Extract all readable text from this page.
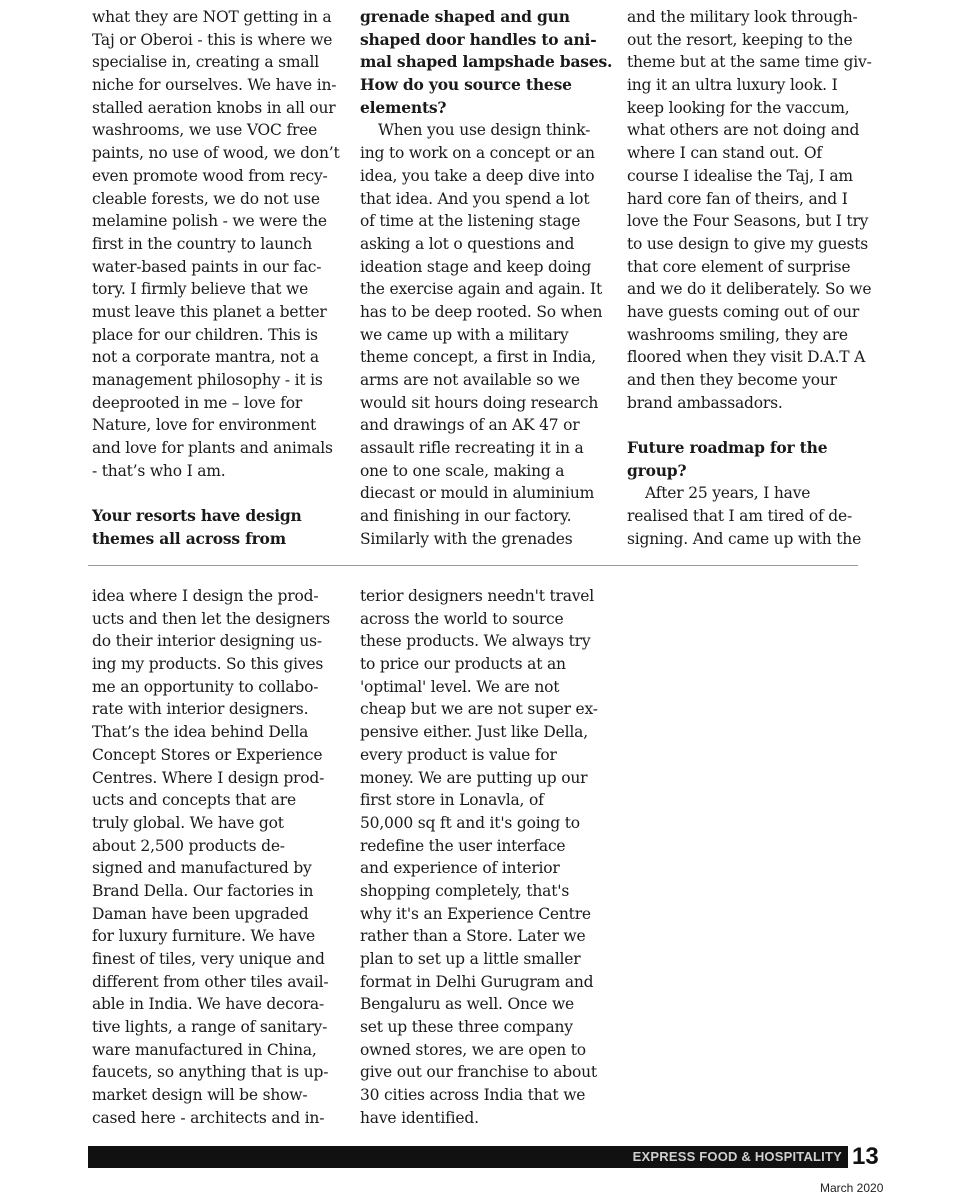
what they are NOT getting in a
Taj or Oberoi - this is where we
specialise in, creating a small
niche for ourselves. We have in-
stalled aeration knobs in all our
washrooms, we use VOC free
paints, no use of wood, we don’t
even promote wood from recy-
cleable forests, we do not use
melamine polish - we were the
first in the country to launch
water-based paints in our fac-
tory. I firmly believe that we
must leave this planet a better
place for our children. This is
not a corporate mantra, not a
management philosophy - it is
deeprooted in me – love for
Nature, love for environment
and love for plants and animals
- that’s who I am.
Your resorts have design
themes all across from
grenade shaped and gun
shaped door handles to ani-
mal shaped lampshade bases.
How do you source these
elements?
When you use design think-
ing to work on a concept or an
idea, you take a deep dive into
that idea. And you spend a lot
of time at the listening stage
asking a lot o questions and
ideation stage and keep doing
the exercise again and again. It
has to be deep rooted. So when
we came up with a military
theme concept, a first in India,
arms are not available so we
would sit hours doing research
and drawings of an AK 47 or
assault rifle recreating it in a
one to one scale, making a
diecast or mould in aluminium
and finishing in our factory.
Similarly with the grenades
and the military look through-
out the resort, keeping to the
theme but at the same time giv-
ing it an ultra luxury look. I
keep looking for the vaccum,
what others are not doing and
where I can stand out. Of
course I idealise the Taj, I am
hard core fan of theirs, and I
love the Four Seasons, but I try
to use design to give my guests
that core element of surprise
and we do it deliberately. So we
have guests coming out of our
washrooms smiling, they are
floored when they visit D.A.T A
and then they become your
brand ambassadors.
Future roadmap for the
group?
After 25 years, I have
realised that I am tired of de-
signing. And came up with the
idea where I design the prod-
ucts and then let the designers
do their interior designing us-
ing my products. So this gives
me an opportunity to collabo-
rate with interior designers.
That’s the idea behind Della
Concept Stores or Experience
Centres. Where I design prod-
ucts and concepts that are
truly global. We have got
about 2,500 products de-
signed and manufactured by
Brand Della. Our factories in
Daman have been upgraded
for luxury furniture. We have
finest of tiles, very unique and
different from other tiles avail-
able in India. We have decora-
tive lights, a range of sanitary-
ware manufactured in China,
faucets, so anything that is up-
market design will be show-
cased here - architects and in-
terior designers needn't travel
across the world to source
these products. We always try
to price our products at an
'optimal' level. We are not
cheap but we are not super ex-
pensive either. Just like Della,
every product is value for
money. We are putting up our
first store in Lonavla, of
50,000 sq ft and it's going to
redefine the user interface
and experience of interior
shopping completely, that's
why it's an Experience Centre
rather than a Store. Later we
plan to set up a little smaller
format in Delhi Gurugram and
Bengaluru as well. Once we
set up these three company
owned stores, we are open to
give out our franchise to about
30 cities across India that we
have identified.
EXPRESS FOOD & HOSPITALITY 13
March 2020
